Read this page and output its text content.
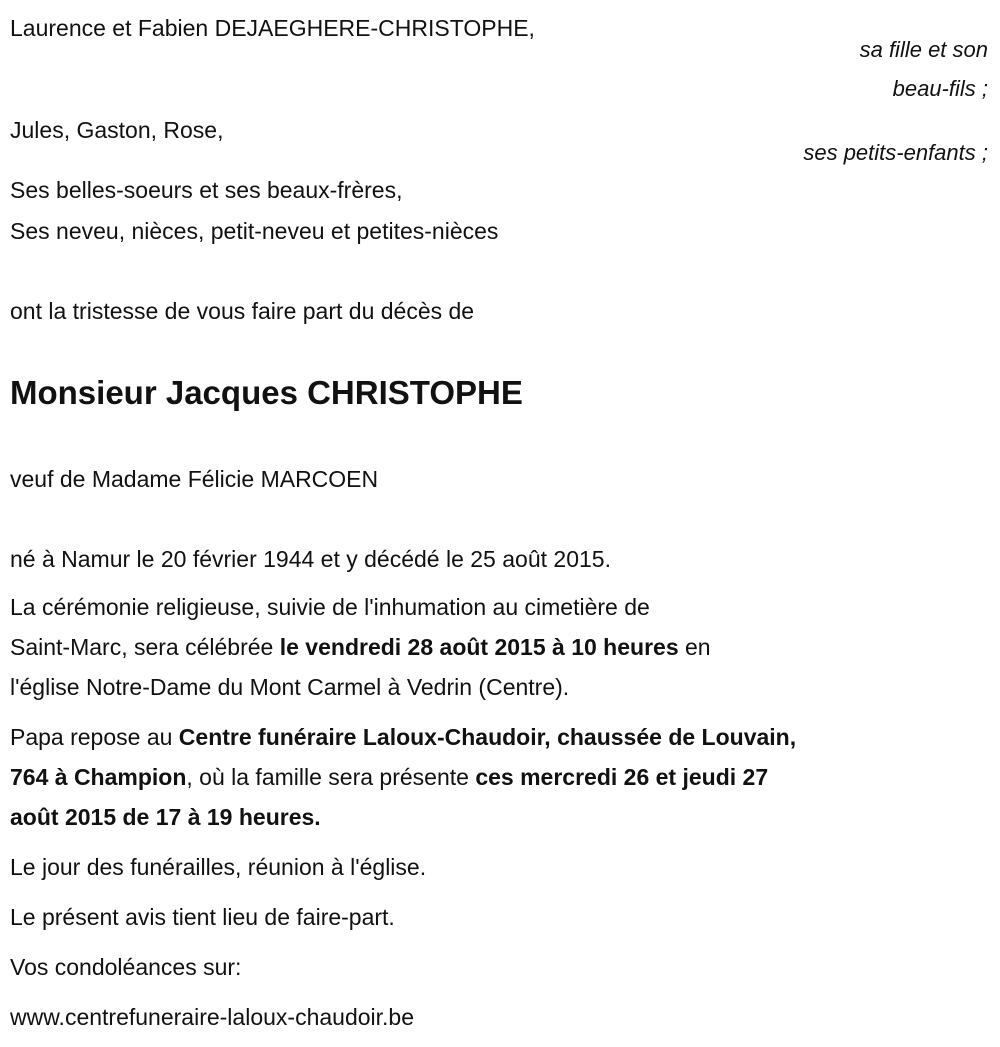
Laurence et Fabien DEJAEGHERE-CHRISTOPHE,
sa fille et son
beau-fils ;
Jules, Gaston, Rose,
ses petits-enfants ;
Ses belles-soeurs et ses beaux-frères,
Ses neveu, nièces, petit-neveu et petites-nièces
ont la tristesse de vous faire part du décès de
Monsieur Jacques CHRISTOPHE
veuf de Madame Félicie MARCOEN
né à Namur le 20 février 1944 et y décédé le 25 août 2015.
La cérémonie religieuse, suivie de l'inhumation au cimetière de
Saint-Marc, sera célébrée le vendredi 28 août 2015 à 10 heures en
l'église Notre-Dame du Mont Carmel à Vedrin (Centre).
Papa repose au Centre funéraire Laloux-Chaudoir, chaussée de Louvain,
764 à Champion, où la famille sera présente ces mercredi 26 et jeudi 27
août 2015 de 17 à 19 heures.
Le jour des funérailles, réunion à l'église.
Le présent avis tient lieu de faire-part.
Vos condoléances sur:
www.centrefuneraire-laloux-chaudoir.be
